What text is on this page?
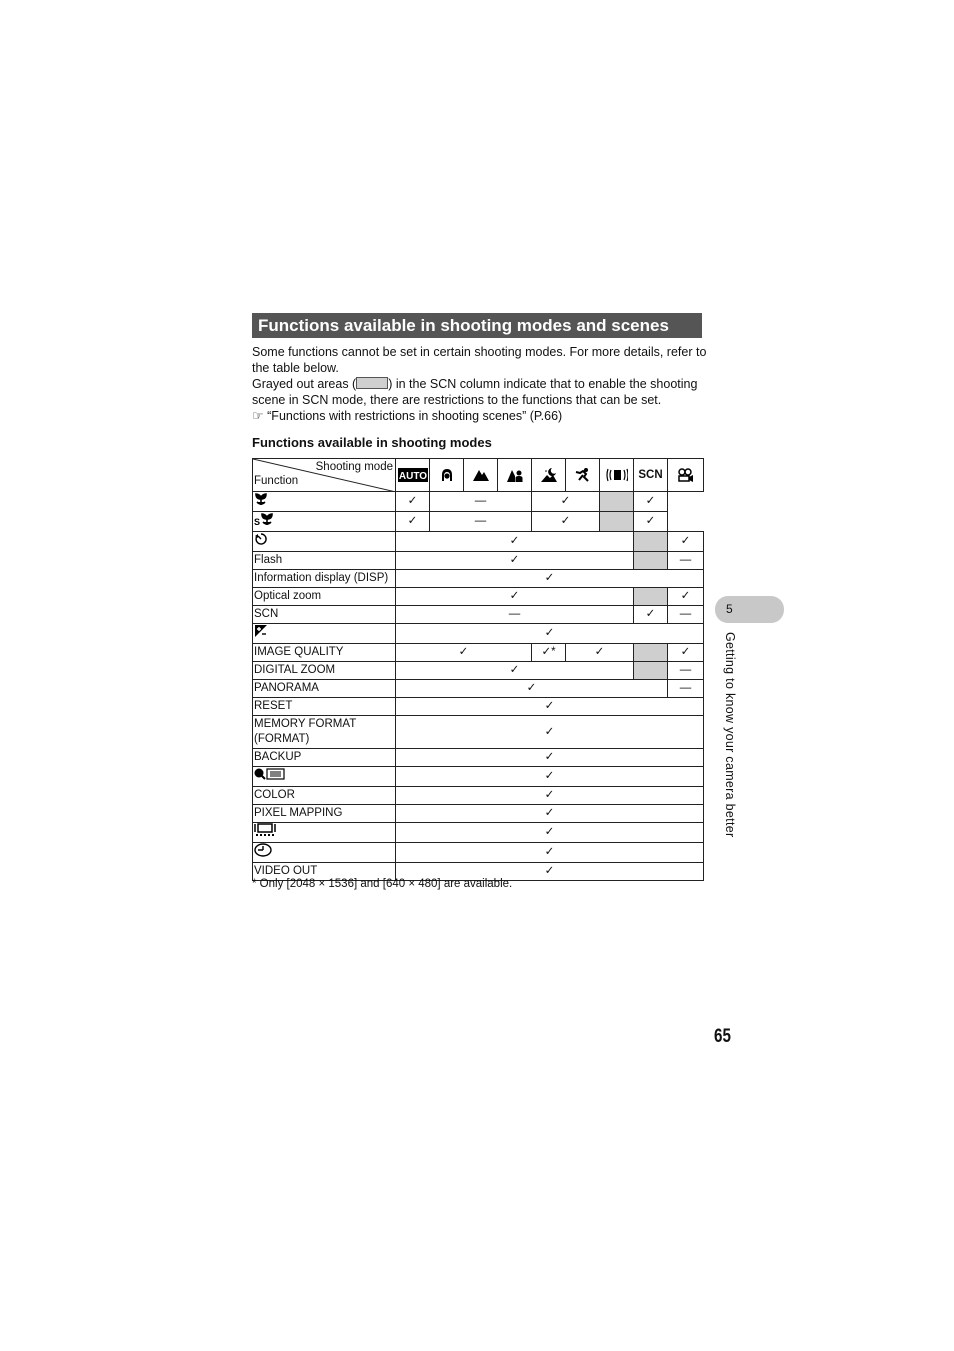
Functions available in shooting modes and scenes

Some functions cannot be set in certain shooting modes. For more details, refer to the table below.

Grayed out areas (	) in the SCN column indicate that to enable the shooting scene in SCN mode, there are restrictions to the functions that can be set.

☞ “Functions with restrictions in shooting scenes” (P.66)

Functions available in shooting modes
Shooting mode
Function	AUTO							SCN	

	✓	—			✓			✓	

S	✓	—			✓			✓	
	✓								✓
Flash	✓								—
Information display (DISP)	✓								
Optical zoom	✓								✓
SCN	—							✓	—
	✓								
IMAGE QUALITY	✓				✓*	✓			✓
DIGITAL ZOOM	✓								—
PANORAMA	✓								—
RESET	✓								
MEMORY FORMAT (FORMAT)	✓								
BACKUP	✓								
	✓								
COLOR	✓								
PIXEL MAPPING	✓								
	✓								
	✓								
VIDEO OUT	✓								
* Only [2048 × 1536] and [640 × 480] are available.
5
Getting to know your camera better
65
